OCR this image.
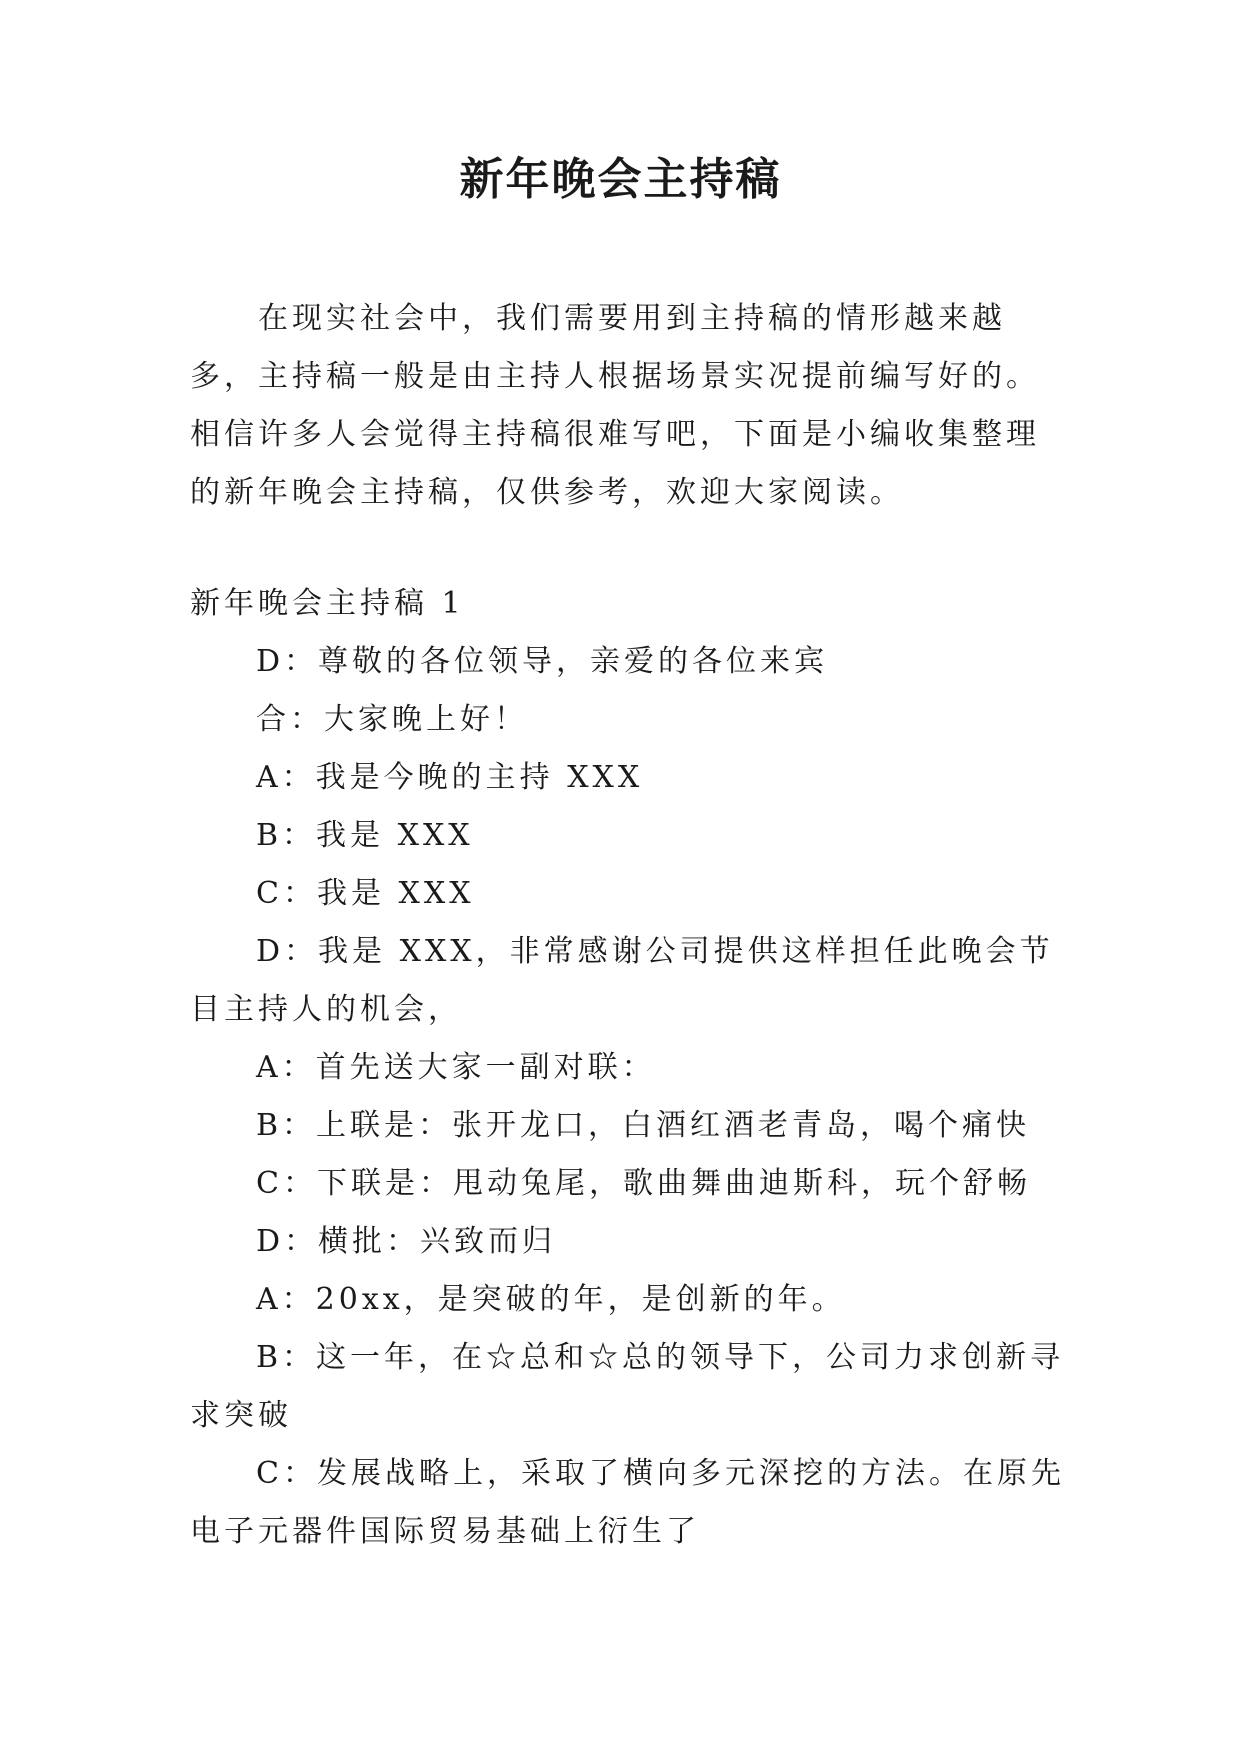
新年晚会主持稿

在现实社会中，我们需要用到主持稿的情形越来越多，主持稿一般是由主持人根据场景实况提前编写好的。相信许多人会觉得主持稿很难写吧，下面是小编收集整理的新年晚会主持稿，仅供参考，欢迎大家阅读。

新年晚会主持稿 1

D：尊敬的各位领导，亲爱的各位来宾

合：大家晚上好！

A：我是今晚的主持 XXX

B：我是 XXX

C：我是 XXX

D：我是 XXX，非常感谢公司提供这样担任此晚会节目主持人的机会，

A：首先送大家一副对联：

B：上联是：张开龙口，白酒红酒老青岛，喝个痛快

C：下联是：甩动兔尾，歌曲舞曲迪斯科，玩个舒畅

D：横批：兴致而归

A：20xx，是突破的年，是创新的年。

B：这一年，在☆总和☆总的领导下，公司力求创新寻求突破

C：发展战略上，采取了横向多元深挖的方法。在原先电子元器件国际贸易基础上衍生了
